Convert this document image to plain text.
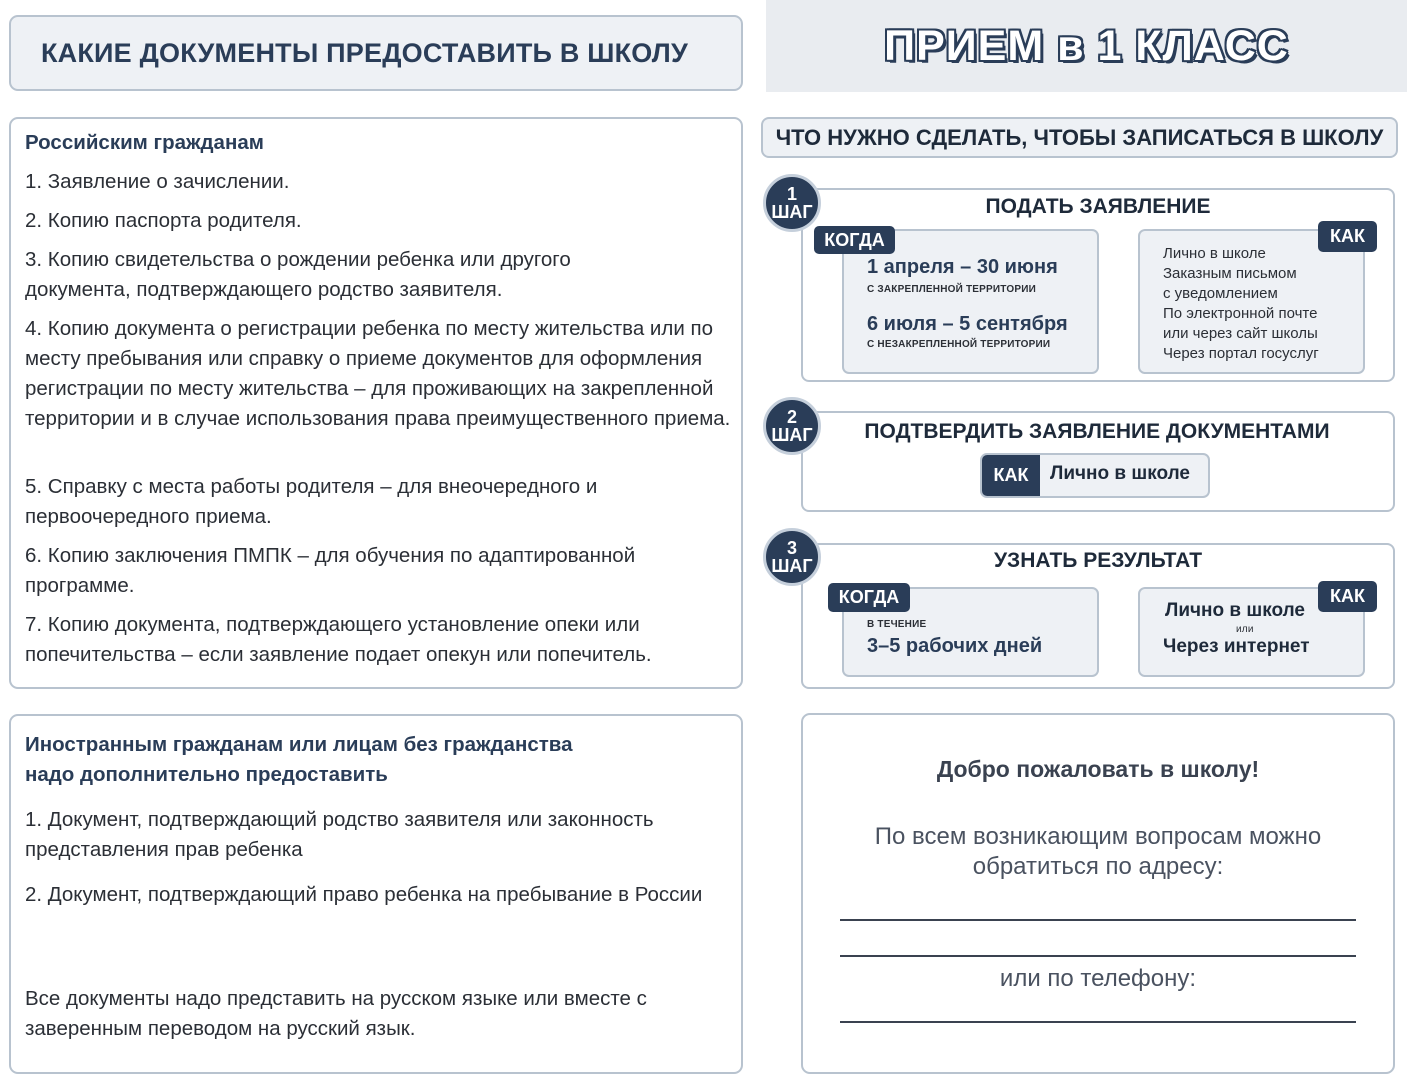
КАКИЕ ДОКУМЕНТЫ ПРЕДОСТАВИТЬ В ШКОЛУ	ПРИЕМ в 1 КЛАСС
Российским гражданам
1. Заявление о зачислении.
2. Копию паспорта родителя.
3. Копию свидетельства о рождении ребенка или другого документа, подтверждающего родство заявителя.
4. Копию документа о регистрации ребенка по месту жительства или по месту пребывания или справку о приеме документов для оформления регистрации по месту жительства – для проживающих на закрепленной территории и в случае использования права преимущественного приема.
5. Справку с места работы родителя – для внеочередного и первоочередного приема.
6. Копию заключения ПМПК – для обучения по адаптированной программе.
7. Копию документа, подтверждающего установление опеки или попечительства – если заявление подает опекун или попечитель.
Иностранным гражданам или лицам без гражданства
надо дополнительно предоставить
1. Документ, подтверждающий родство заявителя или законность представления прав ребенка
2. Документ, подтверждающий право ребенка на пребывание в России
Все документы надо представить на русском языке или вместе с заверенным переводом на русский язык.
ЧТО НУЖНО СДЕЛАТЬ, ЧТОБЫ ЗАПИСАТЬСЯ В ШКОЛУ
1
ШАГ	ПОДАТЬ ЗАЯВЛЕНИЕ
КОГДА
1 апреля – 30 июня
С ЗАКРЕПЛЕННОЙ ТЕРРИТОРИИ
6 июля – 5 сентября
С НЕЗАКРЕПЛЕННОЙ ТЕРРИТОРИИ
КАК
Лично в школе
Заказным письмом
с уведомлением
По электронной почте
или через сайт школы
Через портал госуслуг
2
ШАГ	ПОДТВЕРДИТЬ ЗАЯВЛЕНИЕ ДОКУМЕНТАМИ
КАК	Лично в школе
3
ШАГ	УЗНАТЬ РЕЗУЛЬТАТ
КОГДА
В ТЕЧЕНИЕ
3–5 рабочих дней
КАК
Лично в школе
или
Через интернет
Добро пожаловать в школу!
По всем возникающим вопросам можно
обратиться по адресу:
или по телефону:
